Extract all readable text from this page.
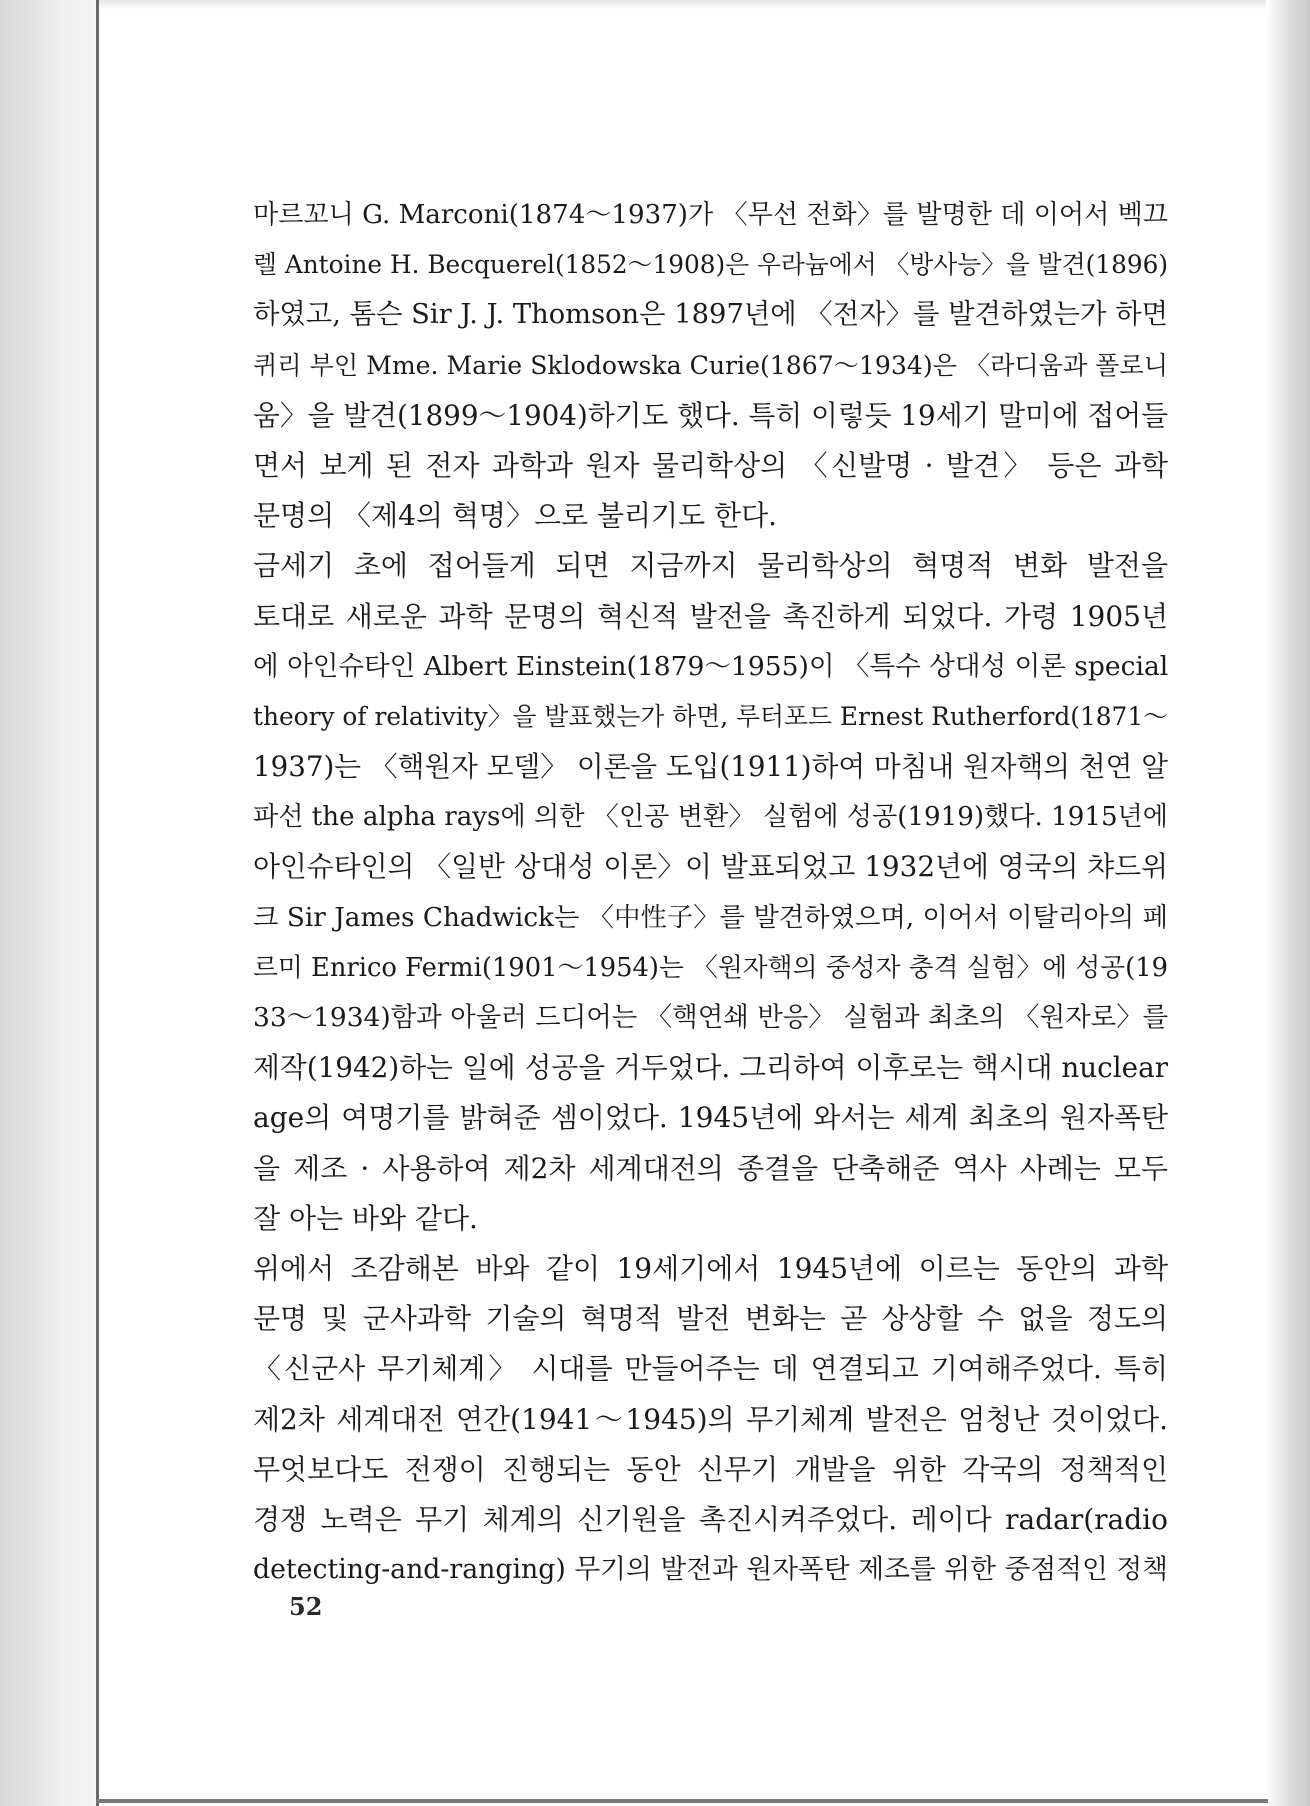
마르꼬니 G. Marconi(1874～1937)가 〈무선 전화〉를 발명한 데 이어서 벡끄
렐 Antoine H. Becquerel(1852～1908)은 우라늄에서 〈방사능〉을 발견(1896)
하였고, 톰슨 Sir J. J. Thomson은 1897년에 〈전자〉를 발견하였는가 하면
퀴리 부인 Mme. Marie Sklodowska Curie(1867～1934)은 〈라디움과 폴로니
움〉을 발견(1899～1904)하기도 했다. 특히 이렇듯 19세기 말미에 접어들
면서 보게 된 전자 과학과 원자 물리학상의 〈신발명 · 발견〉 등은 과학
문명의 〈제4의 혁명〉으로 불리기도 한다.
금세기 초에 접어들게 되면 지금까지 물리학상의 혁명적 변화 발전을
토대로 새로운 과학 문명의 혁신적 발전을 촉진하게 되었다. 가령 1905년
에 아인슈타인 Albert Einstein(1879～1955)이 〈특수 상대성 이론 special
theory of relativity〉을 발표했는가 하면, 루터포드 Ernest Rutherford(1871～
1937)는 〈핵원자 모델〉 이론을 도입(1911)하여 마침내 원자핵의 천연 알
파선 the alpha rays에 의한 〈인공 변환〉 실험에 성공(1919)했다. 1915년에
아인슈타인의 〈일반 상대성 이론〉이 발표되었고 1932년에 영국의 챠드위
크 Sir James Chadwick는 〈中性子〉를 발견하였으며, 이어서 이탈리아의 페
르미 Enrico Fermi(1901～1954)는 〈원자핵의 중성자 충격 실험〉에 성공(19
33～1934)함과 아울러 드디어는 〈핵연쇄 반응〉 실험과 최초의 〈원자로〉를
제작(1942)하는 일에 성공을 거두었다. 그리하여 이후로는 핵시대 nuclear
age의 여명기를 밝혀준 셈이었다. 1945년에 와서는 세계 최초의 원자폭탄
을 제조 · 사용하여 제2차 세계대전의 종결을 단축해준 역사 사례는 모두
잘 아는 바와 같다.
위에서 조감해본 바와 같이 19세기에서 1945년에 이르는 동안의 과학
문명 및 군사과학 기술의 혁명적 발전 변화는 곧 상상할 수 없을 정도의
〈신군사 무기체계〉 시대를 만들어주는 데 연결되고 기여해주었다. 특히
제2차 세계대전 연간(1941～1945)의 무기체계 발전은 엄청난 것이었다.
무엇보다도 전쟁이 진행되는 동안 신무기 개발을 위한 각국의 정책적인
경쟁 노력은 무기 체계의 신기원을 촉진시켜주었다. 레이다 radar(radio
detecting-and-ranging) 무기의 발전과 원자폭탄 제조를 위한 중점적인 정책
52
